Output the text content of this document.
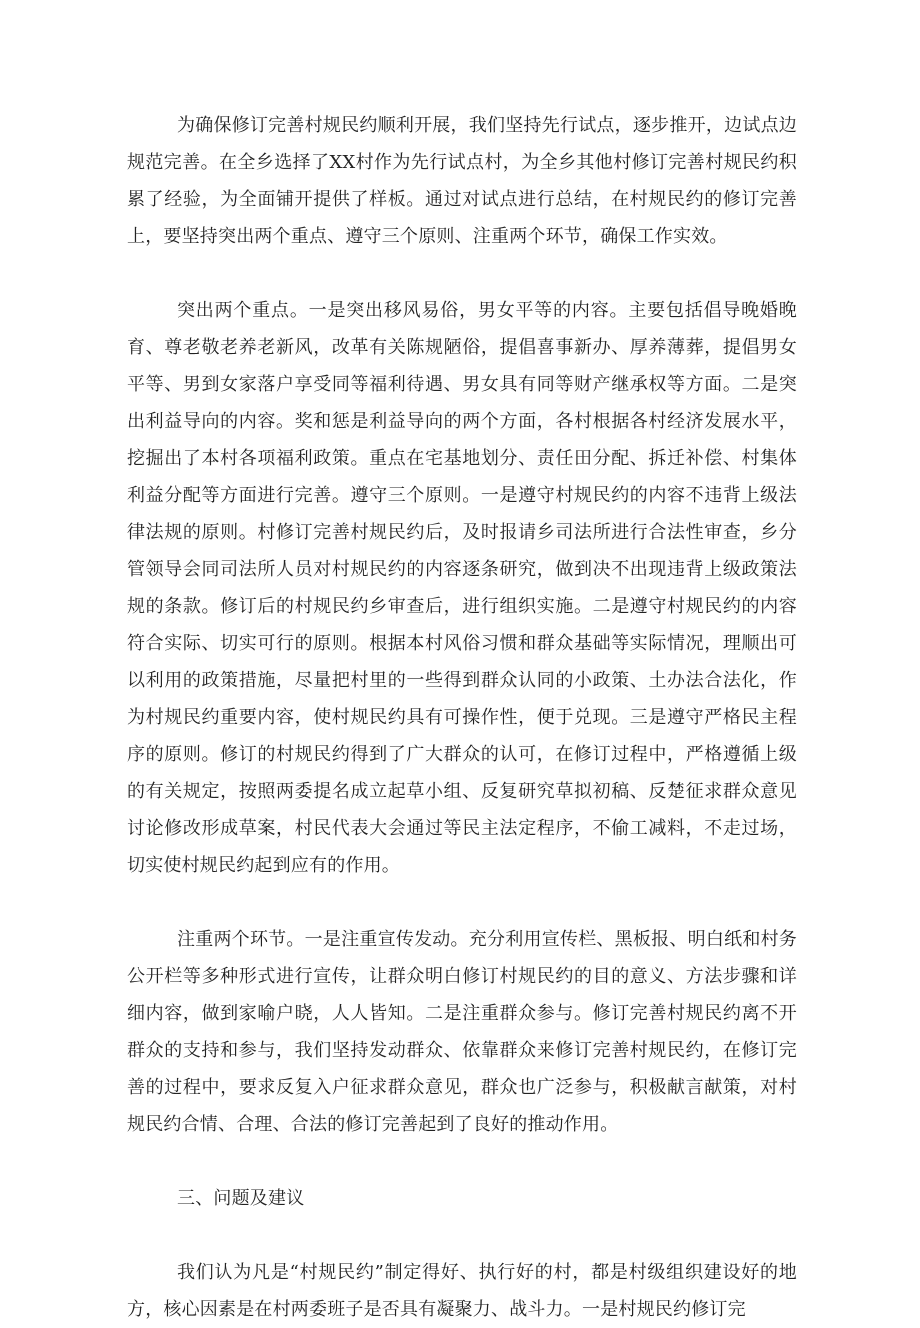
为确保修订完善村规民约顺利开展，我们坚持先行试点，逐步推开，边试点边规范完善。在全乡选择了XX村作为先行试点村，为全乡其他村修订完善村规民约积累了经验，为全面铺开提供了样板。通过对试点进行总结，在村规民约的修订完善上，要坚持突出两个重点、遵守三个原则、注重两个环节，确保工作实效。

突出两个重点。一是突出移风易俗，男女平等的内容。主要包括倡导晚婚晚育、尊老敬老养老新风，改革有关陈规陋俗，提倡喜事新办、厚养薄葬，提倡男女平等、男到女家落户享受同等福利待遇、男女具有同等财产继承权等方面。二是突出利益导向的内容。奖和惩是利益导向的两个方面，各村根据各村经济发展水平，挖掘出了本村各项福利政策。重点在宅基地划分、责任田分配、拆迁补偿、村集体利益分配等方面进行完善。遵守三个原则。一是遵守村规民约的内容不违背上级法律法规的原则。村修订完善村规民约后，及时报请乡司法所进行合法性审查，乡分管领导会同司法所人员对村规民约的内容逐条研究，做到决不出现违背上级政策法规的条款。修订后的村规民约乡审查后，进行组织实施。二是遵守村规民约的内容符合实际、切实可行的原则。根据本村风俗习惯和群众基础等实际情况，理顺出可以利用的政策措施，尽量把村里的一些得到群众认同的小政策、土办法合法化，作为村规民约重要内容，使村规民约具有可操作性，便于兑现。三是遵守严格民主程序的原则。修订的村规民约得到了广大群众的认可，在修订过程中，严格遵循上级的有关规定，按照两委提名成立起草小组、反复研究草拟初稿、反楚征求群众意见讨论修改形成草案，村民代表大会通过等民主法定程序，不偷工减料，不走过场，切实使村规民约起到应有的作用。

注重两个环节。一是注重宣传发动。充分利用宣传栏、黑板报、明白纸和村务公开栏等多种形式进行宣传，让群众明白修订村规民约的目的意义、方法步骤和详细内容，做到家喻户晓，人人皆知。二是注重群众参与。修订完善村规民约离不开群众的支持和参与，我们坚持发动群众、依靠群众来修订完善村规民约，在修订完善的过程中，要求反复入户征求群众意见，群众也广泛参与，积极献言献策，对村规民约合情、合理、合法的修订完善起到了良好的推动作用。

三、问题及建议

我们认为凡是“村规民约”制定得好、执行好的村，都是村级组织建设好的地方，核心因素是在村两委班子是否具有凝聚力、战斗力。一是村规民约修订完
